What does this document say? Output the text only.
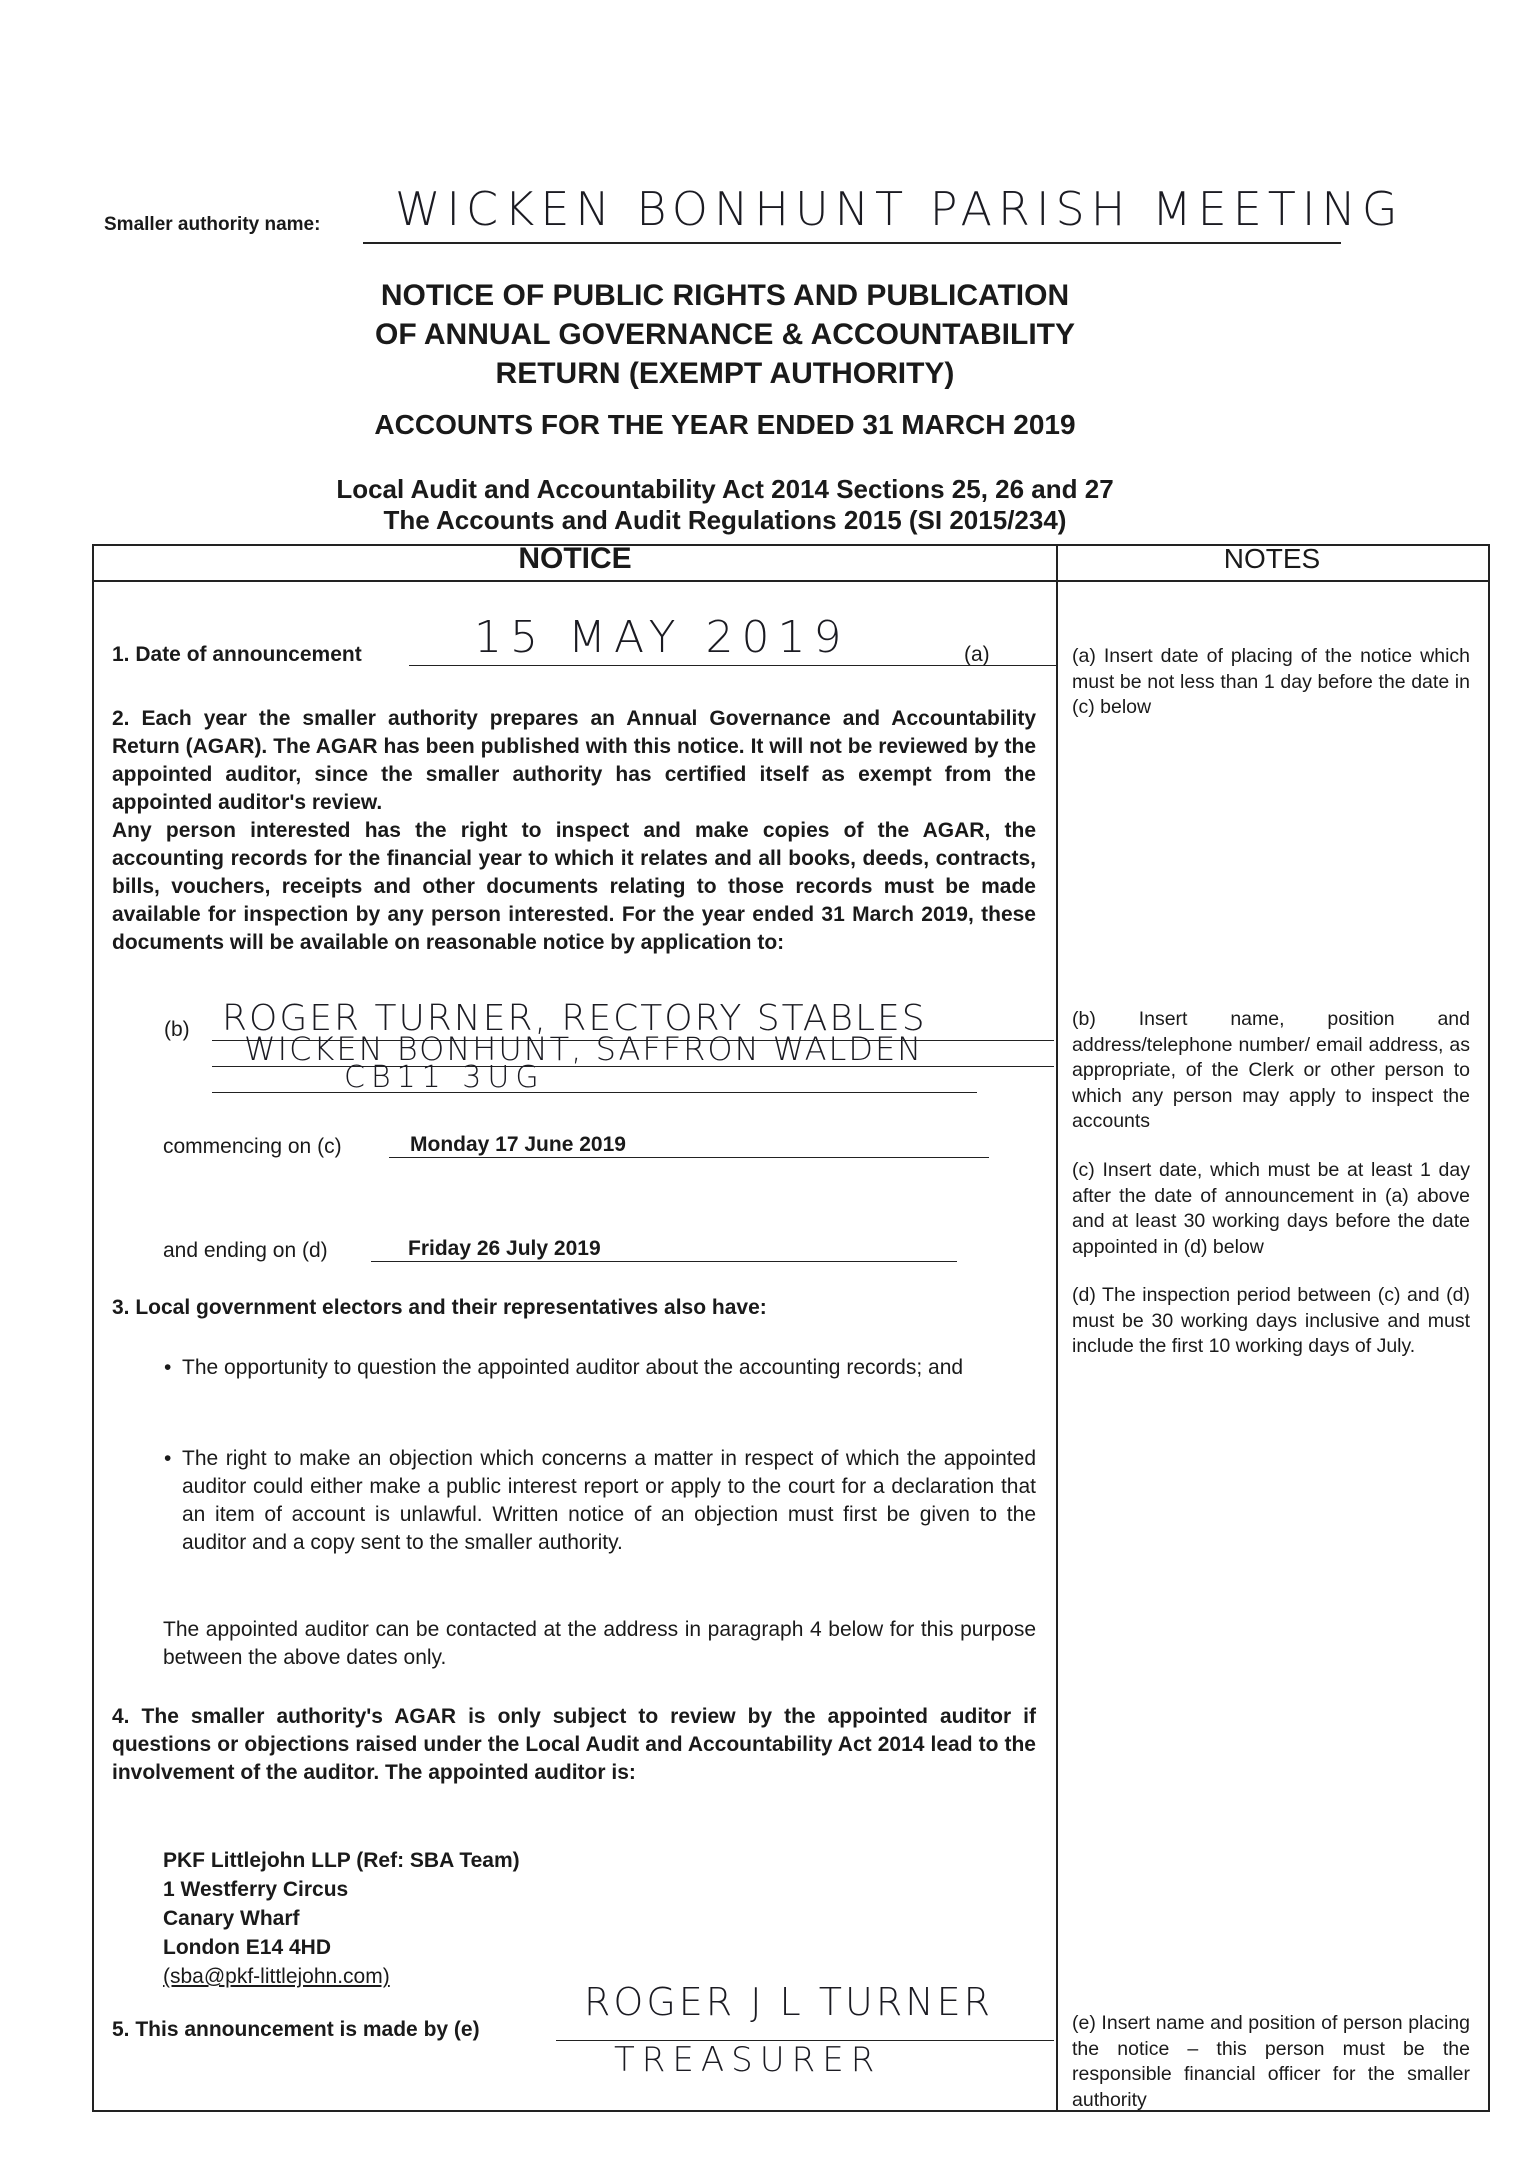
Smaller authority name: WICKEN BONHUNT PARISH MEETING
NOTICE OF PUBLIC RIGHTS AND PUBLICATION
OF ANNUAL GOVERNANCE & ACCOUNTABILITY
RETURN (EXEMPT AUTHORITY)
ACCOUNTS FOR THE YEAR ENDED 31 MARCH 2019
Local Audit and Accountability Act 2014 Sections 25, 26 and 27
The Accounts and Audit Regulations 2015 (SI 2015/234)
NOTICE	NOTES
1. Date of announcement	15 MAY 2019	(a)
2. Each year the smaller authority prepares an Annual Governance and Accountability Return (AGAR). The AGAR has been published with this notice. It will not be reviewed by the appointed auditor, since the smaller authority has certified itself as exempt from the appointed auditor's review.
Any person interested has the right to inspect and make copies of the AGAR, the accounting records for the financial year to which it relates and all books, deeds, contracts, bills, vouchers, receipts and other documents relating to those records must be made available for inspection by any person interested. For the year ended 31 March 2019, these documents will be available on reasonable notice by application to:
(b) ROGER TURNER, RECTORY STABLES
WICKEN BONHUNT, SAFFRON WALDEN
CB11 3UG
commencing on (c)	Monday 17 June 2019
and ending on (d)	Friday 26 July 2019
3. Local government electors and their representatives also have:
• The opportunity to question the appointed auditor about the accounting records; and
• The right to make an objection which concerns a matter in respect of which the appointed auditor could either make a public interest report or apply to the court for a declaration that an item of account is unlawful. Written notice of an objection must first be given to the auditor and a copy sent to the smaller authority.
The appointed auditor can be contacted at the address in paragraph 4 below for this purpose between the above dates only.
4. The smaller authority's AGAR is only subject to review by the appointed auditor if questions or objections raised under the Local Audit and Accountability Act 2014 lead to the involvement of the auditor. The appointed auditor is:
PKF Littlejohn LLP (Ref: SBA Team)
1 Westferry Circus
Canary Wharf
London E14 4HD
(sba@pkf-littlejohn.com)
5. This announcement is made by (e)
ROGER J L TURNER
TREASURER
(a) Insert date of placing of the notice which must be not less than 1 day before the date in (c) below
(b) Insert name, position and address/telephone number/ email address, as appropriate, of the Clerk or other person to which any person may apply to inspect the accounts
(c) Insert date, which must be at least 1 day after the date of announcement in (a) above and at least 30 working days before the date appointed in (d) below
(d) The inspection period between (c) and (d) must be 30 working days inclusive and must include the first 10 working days of July.
(e) Insert name and position of person placing the notice – this person must be the responsible financial officer for the smaller authority
